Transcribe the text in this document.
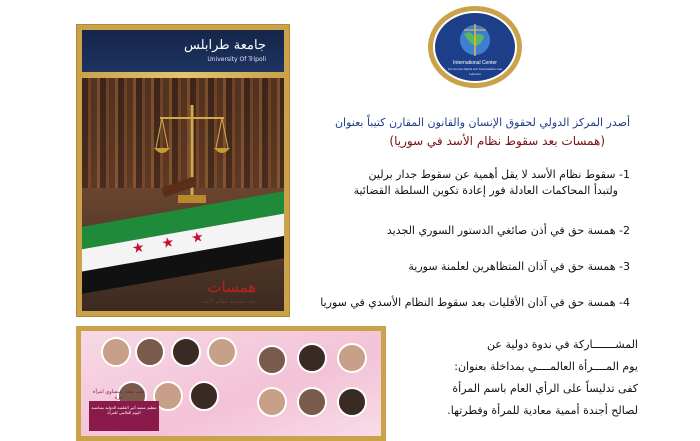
جامعة طرابلس
University Of Tripoli
★ ★ ★
همسات
بعد سقوط نظام الأسد
International Center
For Human Rights and Comparative Law
Lebanon
أصدر المركز الدولي لحقوق الإنسان والقانون المقارن كتيباً بعنوان
(همسات بعد سقوط نظام الأسد في سوريا)
1- سقوط نظام الأسد لا يقل أهمية عن سقوط جدار برلين
ولتبدأ المحاكمات العادلة فور إعادة تكوين السلطة القضائية
2- همسة حق في أذن صائغي الدستور السوري الجديد
3- همسة حق في آذان المتظاهرين لعلمنة سورية
4- همسة حق في آذان الأقليات بعد سقوط النظام الأسدي في سوريا
تحت شعار متساوي امرأة حرة
تنظيم منصة أثير العلمية الدولية بمناسبة اليوم العالمي للمرأة
المشـــــــاركة في ندوة دولية عن
يوم المــــرأة العالمــــي بمداخلة بعنوان:
كفى تدليساً على الرأي العام باسم المرأة
لصالح أجندة أممية معادية للمرأة وفطرتها.
